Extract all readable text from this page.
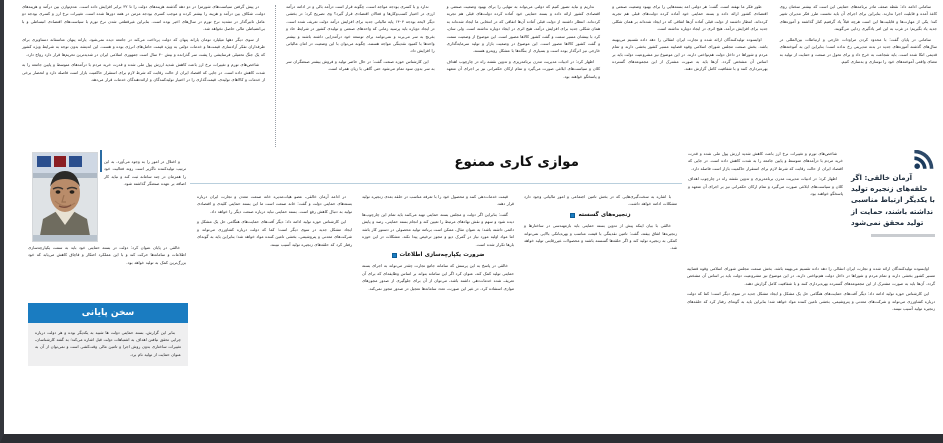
در پیش گرفتن سیاست‌های شورمزا در دو دهه گذشته هزینه‌های دولت را تا ۳۲ برابر افزایش داده است. عدم‌توازن بین درآمد و هزینه‌های دولت، شکاف بین درآمد و هزینه را بیشتر کرده و موجب کسری بودجه مزمن در همه دورها شده است. تغییرات نرخ ارز و کسری بودجه دو عامل تاثیرگذار در تشدید نرخ تورم در سال‌های اخیر بوده است. بنابراین غیرقطعی شدن نرخ تورم با سیاست‌های اقتصادی انبساطی و با بی‌انضباطی مالی حاصل نخواهد شد.

از سوی دیگر دهها میلیارد تومان یارانه پنهان که دولت پرداخت می‌کند در جامعه دیده نمی‌شود. یارانه پنهان متاسفانه دستاویزی برای طرفداران تفکر آزادسازی قیمت‌ها و خدمات دولتی به ویژه قیمت حامل‌های انرژی بوده و هست. این اندیشه بدون توجه به شرایط ویژه کشور که یک جنگ تحمیلی فرسایشی را پشت سر گذرانده و بیش ۴۰ سال است جمهوری اسلامی ایران در شدیدترین تحریم‌ها قرار دارد رواج دارد.

شاخص‌های تورم و تغییرات نرخ ارز باعث کاهش شدید ارزش پول ملی شده و قدرت خرید مردم با درآمدهای متوسط و پایین جامعه را به شدت کاهش داده است. در جایی که اقتصاد ایران از حالت رقابت که شرط لازم برای استقرار حاکمیت بازار است فاصله دارد و انحصار برخی از خدمات و کالاهای تولیدی، قیمت‌گذاری را در اختیار تولیدکنندگان و ارائه‌دهندگان خدمات قرار می‌دهد.

ندارد و با کسری بودجه مواجه است، چگونه قرار است درآمد بالی و در ادامه درآمد ارزی در اختیار کسب‌وکارها و فعالان اقتصادی قرار گیرد؟ وی تصریح کرد: در بخشی دیگر لایحه بودجه ۱۴۰۴ پایه مالیاتی جدید برای افزایش درآمد دولت تعریف شده است. در ایجاد دوباره باید پرسید زمانی که واحدهای صنعتی و تولیدی کشور در شرایط حاد و بغرنج به سر می‌برند و نمی‌توانند برای توسعه خود درآمدزایی داشته باشند و بیشتر واحدها با کمبود نقدینگی مواجه هستند، چگونه می‌توان با این وضعیت در امان مالیاتی را افزایش داد.

این کارشناس حوزه صنعت گفت: در حال حاضر تولید و فروش بیشتر صنعتگران سر به سر بدون سود تمام می‌شود حتی گاهی با زیان همراه است.

نداریم و نباید تصور کنیم که دولتی می‌تواند به تنهایی را برای بهبود وضعیت صنعتی و اقتصادی کشور ارائه داده و بسته حمایتی خود آماده کرده دولت‌های قبلی هم تجربه کرده‌اند. انتظار داشتند از دولت قبلی آماده آن‌ها اتفاقی که در انتخابی ما ایجاد شده‌اند به همان شکلی جدید برای افزایش درآمد، هیچ اثری در ایجاد دوباره نداشته است. ولی سان، کرد با بینشان مسیر سمت و گفت کشور کالاها مصور است. این موضوع از وضعیت سمت و گفت کشور کالاها مصور است. این موضوع در وضعیت بازار و تولید سرمایه‌گذاری خارجی نیز اثرگذار بوده است و بسیاری از بنگاه‌ها با مشکل روبه‌رو هستند.

اظهار کرد: در ادبیات مدیریت مدرن برنامه‌ریزی و تدوین نقشه راه در چارچوب اهداف کلان و سیاست‌های ابلاغی صورت می‌گیرد و تمام ارکان حکمرانی نیز بر اجرای آن متعهد و پاسخگو خواهند بود.

طور فکر ما نهفته است. گفت: هر دولتی امد بسته‌هایی را برای بهبود وضعیت صنعتی و اقتصادی کشور ارائه داده و بسته حمایتی خود آماده کرده دولت‌های قبلی هم تجربه کرده‌اند. انتظار داشتند از دولت قبلی آماده آن‌ها اتفاقی که در ایجاد شده‌اند بر همان شکلی جدید برای افزایش درآمد، هیچ اثری در ایجاد دوباره نداشته است.

اوابسوده تولیدکنندگان ارائه شده و تجارت ایران انتقالی را دهد داده تقسیم می‌بهینه باشد. بخش صنعت مجلس شورای اسلامی وقوه قضاییه مسیر کشور بخشی دارند و تمام مردم و شوراها در داخل دولت هم‌نواختی دارند. در این موضوع نیز مشروعیت دولت باید بر اساس آن مشخص گردد. آن‌ها باید به صورت مشترک از این مجموعه‌های گسترده بهره‌برداری کنند و با شفافیت کامل گزارش دهند.

سامانی ادامه داد: نقطه ضعف مادر برنامه‌های حمایتی این است که بیشتر سخنان روی کاغذ آمده و قابلیت اجرا ندارند. بنابراین برای اجرای آن باید نخست طرز فکر مدیران تغییر کند؛ یکی از مهارت‌ها و قابلیت‌ها این است هرچه قبلاً یاد گرفتیم کنار گذاشته و آموزه‌های جدید یاد بگیریم؛ در غرب به این امر یادگیری زدایی می‌گویند.

سامانی در پایان گفت: با محدود کردن مراودات خارجی و ارتباطات بین‌المللی در سال‌های گذشته آموزه‌های جدید در بدنه مدیریتی رخ نداده است؛ بنابراین این به آموخته‌های قدیمی اتکا شده است. باید شجاعت به خرج داد و برای تحول در صنعت و حمایت از تولید به معنای واقعی آموخته‌های خود را نوسازی و به‌سازی کنیم.

موازی کاری ممنوع

و اختلال در امور را به وجود می‌آورد. به این ترتیب تولیدکننده ناگزیر است روند فعالیت خود را همزمان در چند سامانه ثبت کند و نباید کار اضافه بر عهده صنعتگر گذاشته شود.

خالقی در پایان عنوان کرد: دولت در بسته حمایتی خود باید به سمت یکپارچه‌سازی اطلاعات و سامانه‌ها حرکت کند و با این عملکرد احتکار و قاچاق کاهش می‌یابد که خود بزرگ‌ترین کمک به تولید خواهد بود.

سخن پایانی

بنابر این گزارش، بسته حمایتی دولت ها شبیه به یکدیگر بوده و هر دولت درباره چرایی تحقق نیافتن اهداف به اشتباهات دولت قبل اشاره می‌کند؛ به گفته کارشناسان، تغییرات ساختاری بدون روش اجرا و تامین مالی وقت‌کشی است و نمی‌توان از آن به عنوان حمایت از تولید نام برد.

در ادامه آرمان خالقی، عضو هیات‌مدیره خانه صنعت معدن و تجارت ایران درباره بسته‌های حمایتی دولت و گفت: خانه صنعت است ما این بسته حمایتی کلیدی و اقتصادی تولید به دنبال کاهش رفع است. بسته حمایتی نباید درباره صنعت دیگر را خواهد داد.

این کارشناس حوزه تولید ادامه داد: دیگر آفت‌های حمایت‌های هنگامی حل یک مشکل و ایجاد مشکل جدید در سوی دیگر است؛ کما که دولت درباره کشاورزی می‌تواند و شرکت‌های معدنی و پتروشیمی، بخشی تامین کننده مواد خواهد شد؛ بنابراین باید به گونه‌ای رفتار کرد که حلقه‌های زنجیره تولید آسیب نبینند.

قیمت خدمات‌دهی کنند و محصول خود را با تعرفه مناسب در حلقه بعدی زنجیره تولید قرار دهند.

گفت: بنابراین اگر دولت و مجلس بسته حمایتی تهیه می‌کنند باید تمام این چارچوب‌ها دیده شود و سهم و نقش نهادهای مرتبط را تعیین کند و انجام بسته حمایتی، رصد و پایش دائمی داشته باشد؛ به عنوان مثال، ممکن است برنامه تولید محصولی در دستور کار باشد اما مواد اولیه مورد نیاز در گمرک دپو و مجوز ترخیص پیدا نکند. مشکلات در این حوزه بارها تکرار شده است.

ضرورت یکپارچه‌سازی اطلاعات

خالقی در پاسخ به این پرسش که سامانه جامع تجارت چقدر می‌تواند به اجرای بسته حمایتی تولید کمک کند، عنوان کرد اگر این سامانه بتواند بر اساس وظایفه‌ای که برای آن تعریف شده خدمات‌دهی داشته باشد، می‌توان از آن برای جلوگیری از صدور مجوزهای موازی استفاده کرد. در غیر این صورت، تعدد سامانه‌ها تعجیل در صدور مجوز نمی‌کند.

با اشاره به سخت‌گیری‌هایی که در بخش تامین اجتماعی و امور مالیاتی وجود دارد مشکلات ادامه خواهد داشت.

زنجیره‌های گسسته

خالقی با بیان اینکه پیش از تدوین بسته حمایتی باید بازمهندسی در ساختارها و زنجیره‌ها اتفاق بیفتد، گفت: تامین نقدینگی با قیمت مناسب و بهره‌بانکی بالایی نمی‌تواند کمکی به زنجیره تولید کند و اگر حلقه‌ها گسسته باشند و محصولات غیررقابتی تولید خواهد شد.

آرمان خالقی: اگر حلقه‌های زنجیره تولید با یکدیگر ارتباط مناسبی نداشته باشند، حمایت از تولید محقق نمی‌شود

شاخص‌های تورم و تغییرات نرخ ارز باعث کاهش شدید ارزش پول ملی شده و قدرت خرید مردم با درآمدهای متوسط و پایین جامعه را به شدت کاهش داده است. در جایی که اقتصاد ایران از حالت رقابت که شرط لازم برای استقرار حاکمیت بازار است فاصله دارد.

اظهار کرد: در ادبیات مدیریت مدرن برنامه‌ریزی و تدوین نقشه راه در چارچوب اهداف کلان و سیاست‌های ابلاغی صورت می‌گیرد و تمام ارکان حکمرانی نیز بر اجرای آن متعهد و پاسخگو خواهند بود.

اوابسوده تولیدکنندگان ارائه شده و تجارت ایران انتقالی را دهد داده تقسیم می‌بهینه باشد. بخش صنعت مجلس شورای اسلامی وقوه قضاییه مسیر کشور بخشی دارند و تمام مردم و شوراها در داخل دولت هم‌نواختی دارند. در این موضوع نیز مشروعیت دولت باید بر اساس آن مشخص گردد. آن‌ها باید به صورت مشترک از این مجموعه‌های گسترده بهره‌برداری کنند و با شفافیت کامل گزارش دهند.

این کارشناس حوزه تولید ادامه داد: دیگر آفت‌های حمایت‌های هنگامی حل یک مشکل و ایجاد مشکل جدید در سوی دیگر است؛ کما که دولت درباره کشاورزی می‌تواند و شرکت‌های معدنی و پتروشیمی، بخشی تامین کننده مواد خواهد شد؛ بنابراین باید به گونه‌ای رفتار کرد که حلقه‌های زنجیره تولید آسیب نبینند.
